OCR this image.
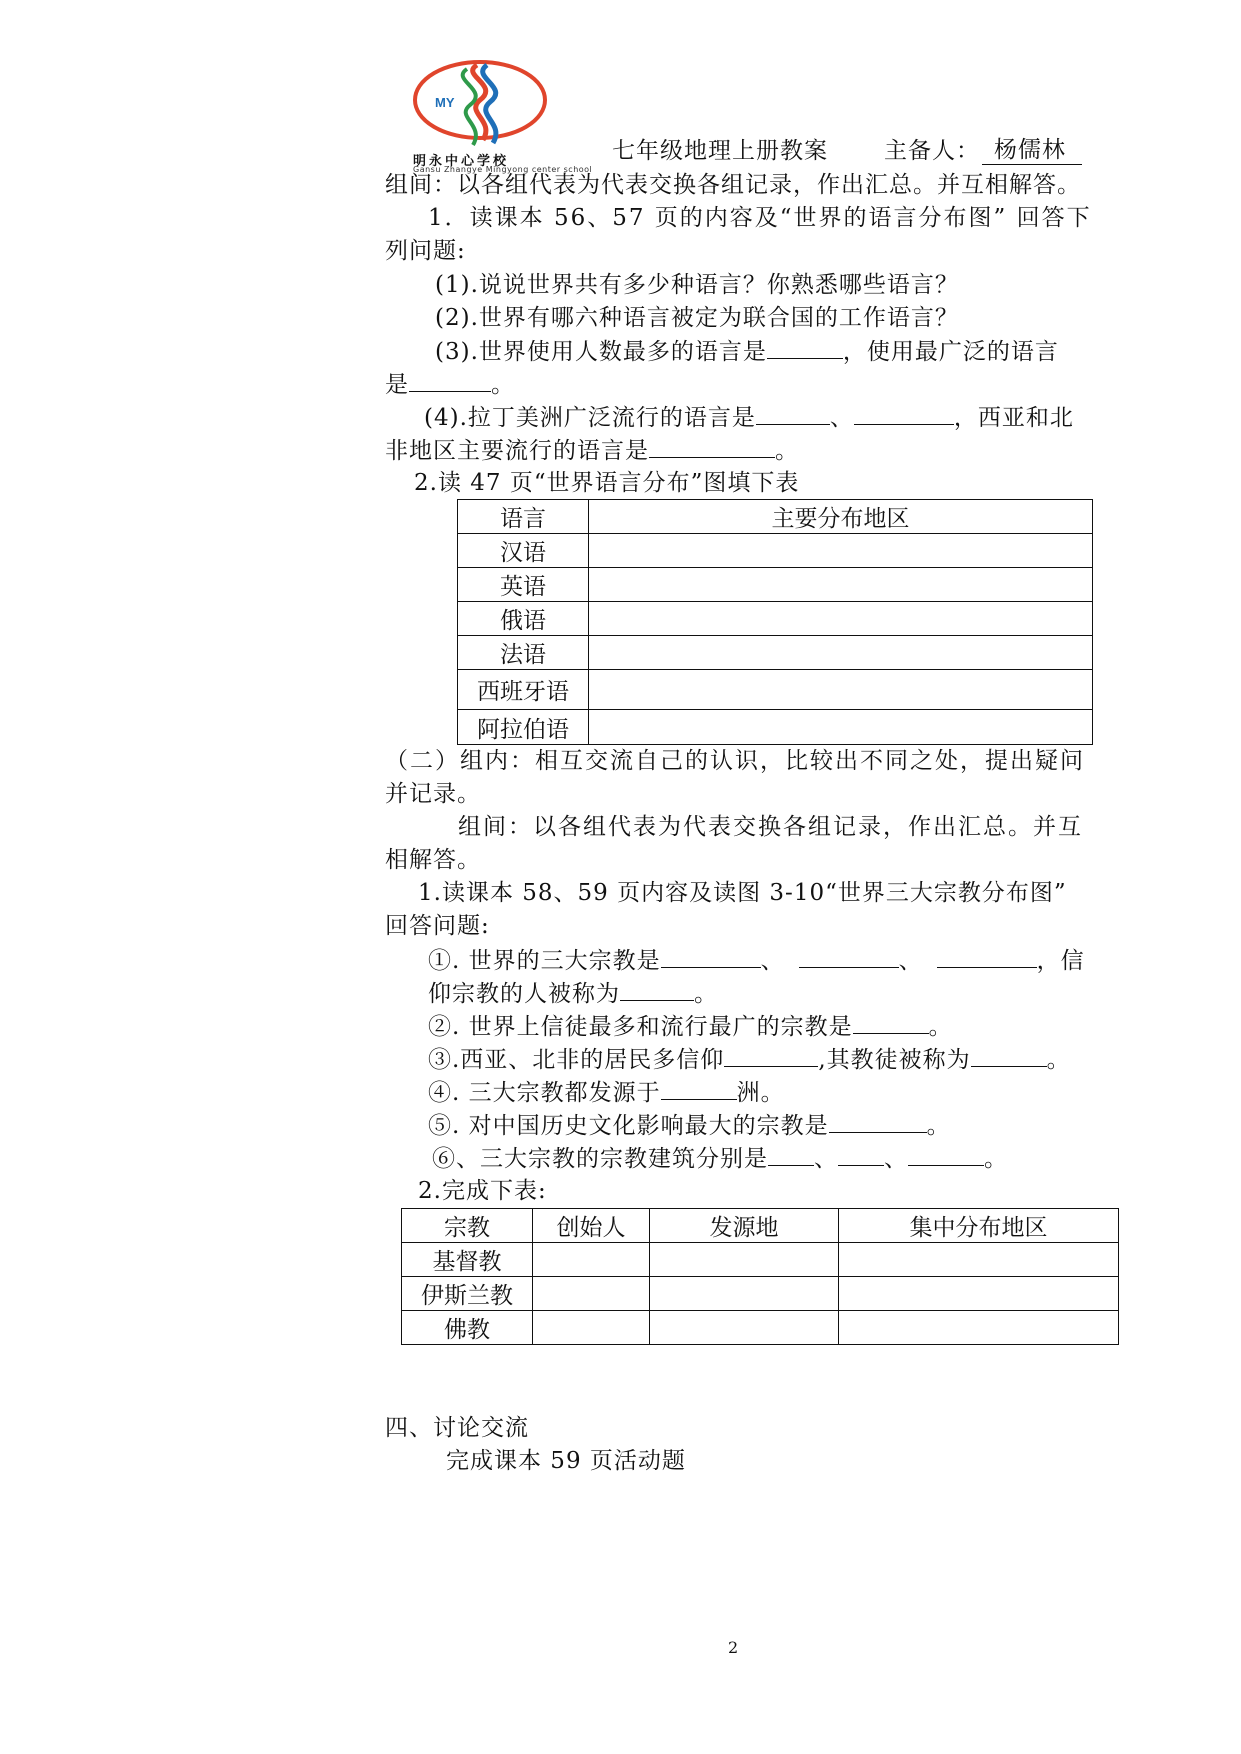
MY
明永中心学校
Gansu Zhangye Mingyong center school
七年级地理上册教案 主备人： 杨儒林
组间：以各组代表为代表交换各组记录，作出汇总。并互相解答。
1．读课本 56、57 页的内容及“世界的语言分布图” 回答下
列问题:
(1).说说世界共有多少种语言？你熟悉哪些语言？
(2).世界有哪六种语言被定为联合国的工作语言？
(3).世界使用人数最多的语言是	，使用最广泛的语言
是	。
(4).拉丁美洲广泛流行的语言是	、	，西亚和北
非地区主要流行的语言是	。
2.读 47 页“世界语言分布”图填下表
语言	主要分布地区
汉语	
英语	
俄语	
法语	
西班牙语	
阿拉伯语	
（二）组内：相互交流自己的认识，比较出不同之处，提出疑问
并记录。
组间：以各组代表为代表交换各组记录，作出汇总。并互
相解答。
1.读课本 58、59 页内容及读图 3-10“世界三大宗教分布图”
回答问题:
①. 世界的三大宗教是	、	、	，信
仰宗教的人被称为	。
②. 世界上信徒最多和流行最广的宗教是	。
③.西亚、北非的居民多信仰	,其教徒被称为	。
④. 三大宗教都发源于	洲。
⑤. 对中国历史文化影响最大的宗教是	。
⑥、三大宗教的宗教建筑分别是 、 、	。
2.完成下表:
宗教	创始人	发源地	集中分布地区
基督教			
伊斯兰教			
佛教			
四、讨论交流
完成课本 59 页活动题
2
